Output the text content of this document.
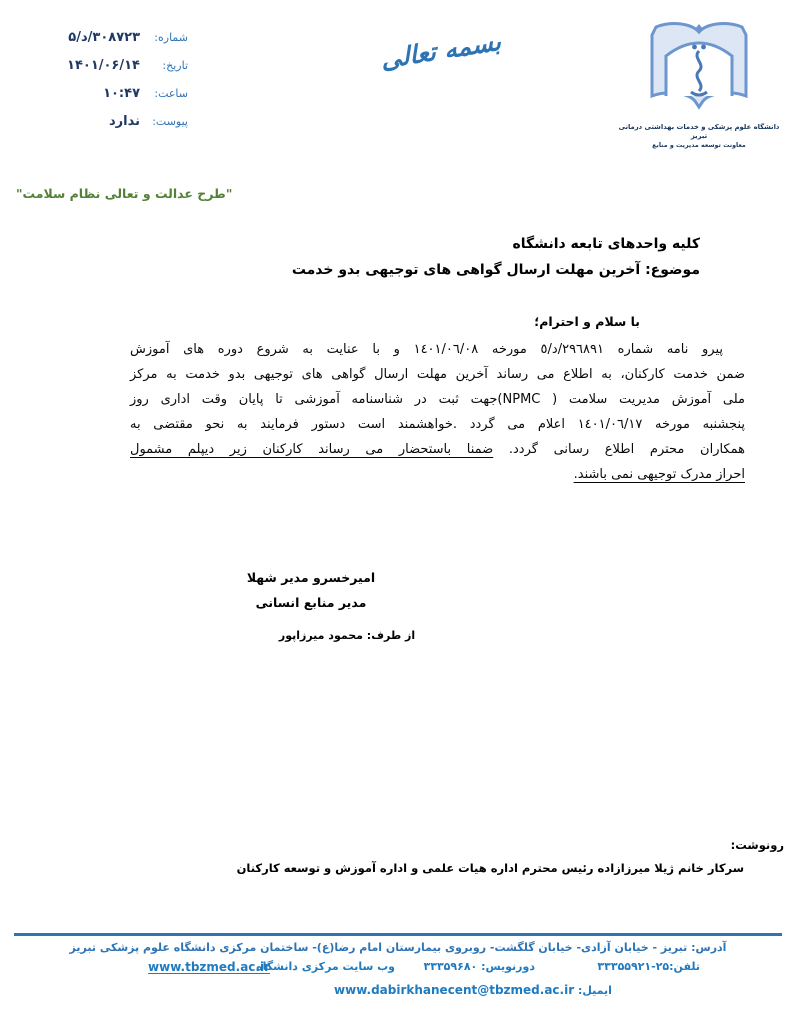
شماره:
۳۰۸۷۲۳/د/۵
تاریخ:
۱۴۰۱/۰۶/۱۴
ساعت:
۱۰:۴۷
پیوست:
ندارد
بسمه تعالی
دانشگاه علوم پزشکی و خدمات بهداشتی درمانی تبریز
معاونت توسعه مدیریت و منابع
"طرح عدالت و تعالی نظام سلامت"
کلیه واحدهای تابعه دانشگاه
موضوع: آخرین مهلت ارسال گواهی های توجیهی بدو خدمت
با سلام و احترام؛
پیرو نامه شماره ٢٩٦٨٩١/د/٥ مورخه ١٤٠١/٠٦/٠٨ و با عنایت به شروع دوره های آموزش
ضمن خدمت کارکنان، به اطلاع می رساند آخرین مهلت ارسال گواهی های توجیهی بدو خدمت به مرکز
ملی آموزش مدیریت سلامت ( NPMC)جهت ثبت در شناسنامه آموزشی تا پایان وقت اداری روز
پنجشنبه مورخه ١٤٠١/٠٦/١٧ اعلام می گردد .خواهشمند است دستور فرمایند به نحو مقتضی به
همکاران محترم اطلاع رسانی گردد. ضمنا باستحضار می رساند کارکنان زیر دیپلم مشمول
احراز مدرک توجیهی نمی باشند.
امیرخسرو مدیر شهلا
مدیر منابع انسانی
از طرف: محمود میرزاپور
رونوشت:
سرکار خانم ژیلا میرزازاده رئیس محترم اداره هیات علمی و اداره آموزش و توسعه کارکنان
آدرس: تبریز - خیابان آزادی- خیابان گلگشت- روبروی بیمارستان امام رضا(ع)- ساختمان مرکزی دانشگاه علوم پزشکی تبریز
تلفن:۲۵-۳۳۳۵۵۹۲۱
دورنویس: ۳۳۳۵۹۶۸۰
وب سایت مرکزی دانشگاه
www.tbzmed.ac.ir
ایمیل: www.dabirkhanecent@tbzmed.ac.ir
